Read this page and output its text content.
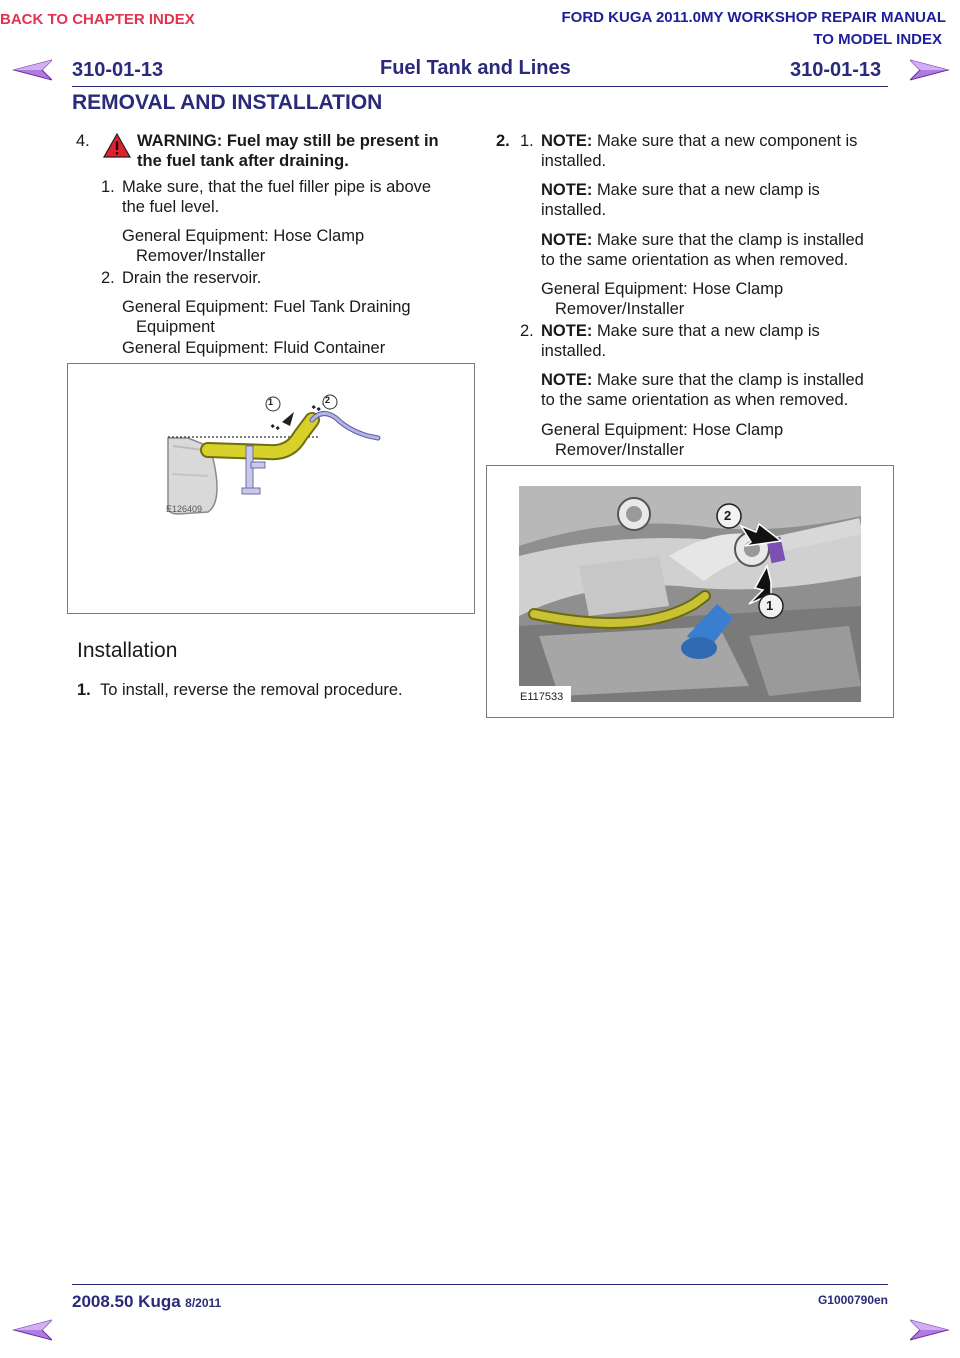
BACK TO CHAPTER INDEX	FORD KUGA 2011.0MY WORKSHOP REPAIR MANUAL
TO MODEL INDEX
310-01-13	Fuel Tank and Lines	310-01-13
REMOVAL AND INSTALLATION
4.	WARNING: Fuel may still be present in
the fuel tank after draining.
1. Make sure, that the fuel filler pipe is above
the fuel level.
General Equipment: Hose Clamp
Remover/Installer
2. Drain the reservoir.
General Equipment: Fuel Tank Draining
Equipment
General Equipment: Fluid Container
1	2
E126409
Installation
1. To install, reverse the removal procedure.
2. 1. NOTE: Make sure that a new component is
installed.
NOTE: Make sure that a new clamp is
installed.
NOTE: Make sure that the clamp is installed
to the same orientation as when removed.
General Equipment: Hose Clamp
Remover/Installer
2. NOTE: Make sure that a new clamp is
installed.
NOTE: Make sure that the clamp is installed
to the same orientation as when removed.
General Equipment: Hose Clamp
Remover/Installer
2
1
E117533
2008.50 Kuga 8/2011	G1000790en
